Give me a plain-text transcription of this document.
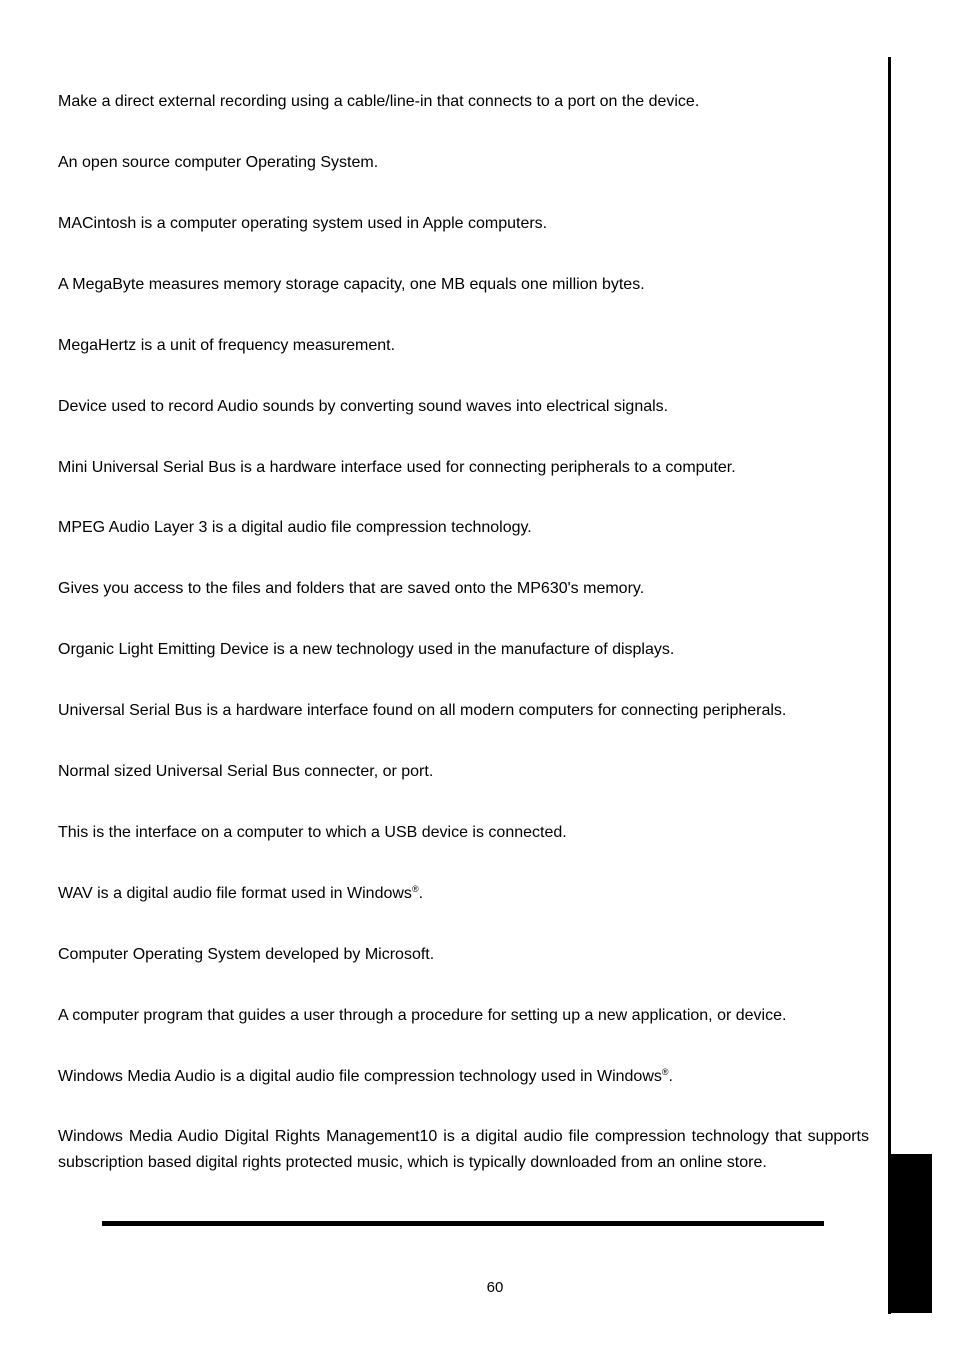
Make a direct external recording using a cable/line-in that connects to a port on the device.

An open source computer Operating System.

MACintosh is a computer operating system used in Apple computers.

A MegaByte measures memory storage capacity, one MB equals one million bytes.

MegaHertz is a unit of frequency measurement.

Device used to record Audio sounds by converting sound waves into electrical signals.

Mini Universal Serial Bus is a hardware interface used for connecting peripherals to a computer.

MPEG Audio Layer 3 is a digital audio file compression technology.

Gives you access to the files and folders that are saved onto the MP630's memory.

Organic Light Emitting Device is a new technology used in the manufacture of displays.

Universal Serial Bus is a hardware interface found on all modern computers for connecting peripherals.

Normal sized Universal Serial Bus connecter, or port.

This is the interface on a computer to which a USB device is connected.

WAV is a digital audio file format used in Windows®.

Computer Operating System developed by Microsoft.

A computer program that guides a user through a procedure for setting up a new application, or device.

Windows Media Audio is a digital audio file compression technology used in Windows®.

Windows Media Audio Digital Rights Management10 is a digital audio file compression technology that supports subscription based digital rights protected music, which is typically downloaded from an online store.

60
